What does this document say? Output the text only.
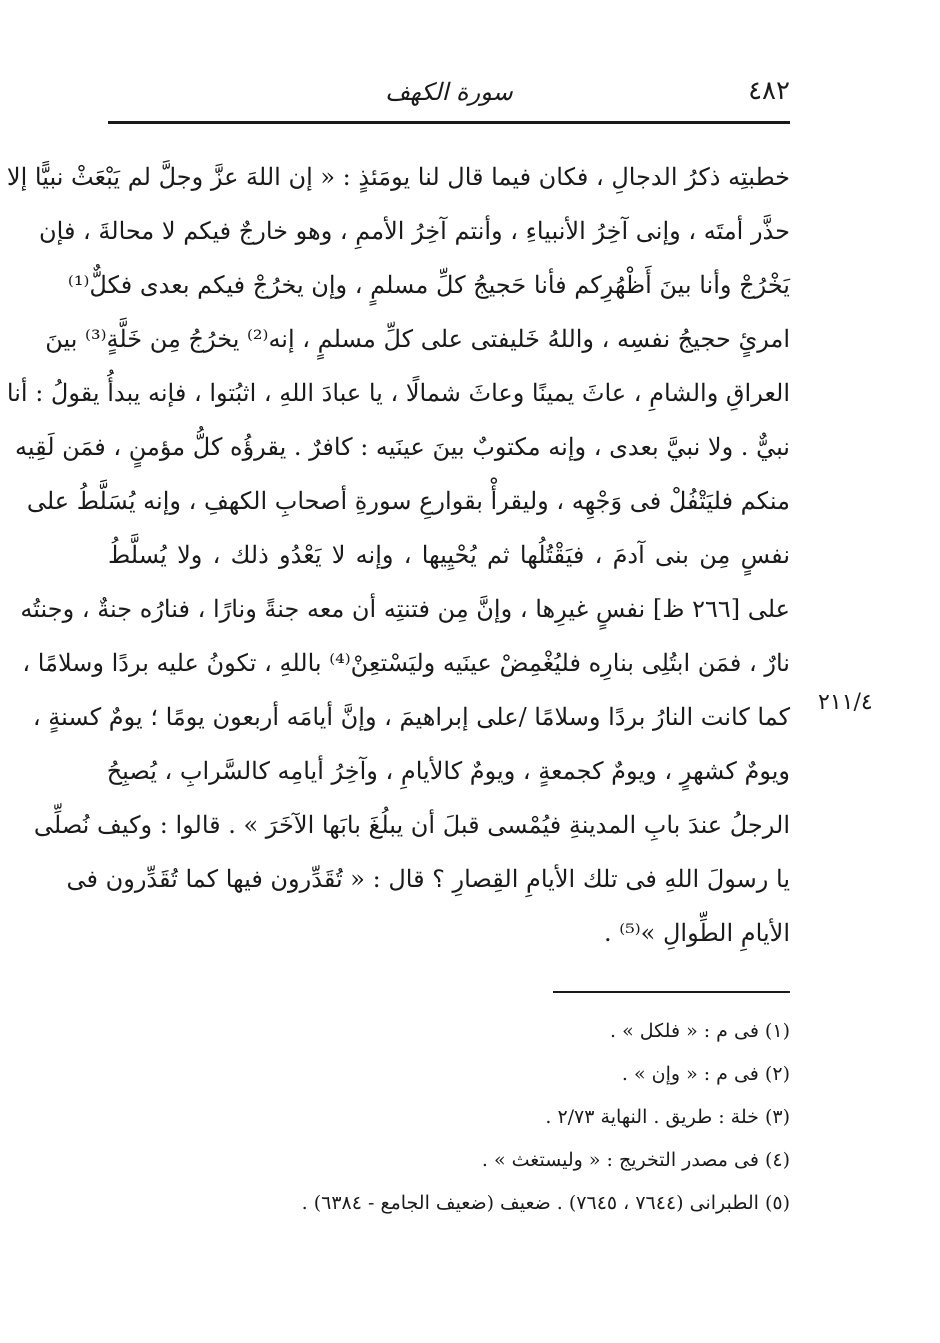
٤٨٢
سورة الكهف
خطبتِه ذكرُ الدجالِ ، فكان فيما قال لنا يومَئذٍ : « إن اللهَ عزَّ وجلَّ لم يَبْعَثْ نبيًّا إلا
حذَّر أمتَه ، وإنى آخِرُ الأنبياءِ ، وأنتم آخِرُ الأممِ ، وهو خارجٌ فيكم لا محالةَ ، فإن
يَخْرُجْ وأنا بينَ أَظْهُرِكم فأنا حَجيجُ كلِّ مسلمٍ ، وإن يخرُجْ فيكم بعدى فكلٌّ⁽¹⁾
امرئٍ حجيجُ نفسِه ، واللهُ خَليفتى على كلِّ مسلمٍ ، إنه⁽²⁾ يخرُجُ مِن خَلَّةٍ⁽³⁾ بينَ
العراقِ والشامِ ، عاثَ يمينًا وعاثَ شمالًا ، يا عبادَ اللهِ ، اثبُتوا ، فإنه يبدأُ يقولُ : أنا
نبيٌّ . ولا نبيَّ بعدى ، وإنه مكتوبٌ بينَ عينَيه : كافرٌ . يقرؤُه كلُّ مؤمنٍ ، فمَن لَقِيه
منكم فليَتْفُلْ فى وَجْهِه ، وليقرأْ بقوارعِ سورةِ أصحابِ الكهفِ ، وإنه يُسَلَّطُ على
نفسٍ مِن بنى آدمَ ، فيَقْتُلُها ثم يُحْيِيها ، وإنه لا يَعْدُو ذلك ، ولا يُسلَّطُ
على [٢٦٦ ظ] نفسٍ غيرِها ، وإنَّ مِن فتنتِه أن معه جنةً ونارًا ، فنارُه جنةٌ ، وجنتُه
نارٌ ، فمَن ابتُلِى بنارِه فليُغْمِضْ عينَيه وليَسْتعِنْ⁽⁴⁾ باللهِ ، تكونُ عليه بردًا وسلامًا ،
كما كانت النارُ بردًا وسلامًا /على إبراهيمَ ، وإنَّ أيامَه أربعون يومًا ؛ يومٌ كسنةٍ ،
ويومٌ كشهرٍ ، ويومٌ كجمعةٍ ، ويومٌ كالأيامِ ، وآخِرُ أيامِه كالسَّرابِ ، يُصبِحُ
الرجلُ عندَ بابِ المدينةِ فيُمْسى قبلَ أن يبلُغَ بابَها الآخَرَ » . قالوا : وكيف نُصلِّى
يا رسولَ اللهِ فى تلك الأيامِ القِصارِ ؟ قال : « تُقَدِّرون فيها كما تُقَدِّرون فى
الأيامِ الطِّوالِ »⁽⁵⁾ .
٢١١/٤
(١) فى م : « فلكل » .
(٢) فى م : « وإن » .
(٣) خلة : طريق . النهاية ٢/٧٣ .
(٤) فى مصدر التخريج : « وليستغث » .
(٥) الطبرانى (٧٦٤٤ ، ٧٦٤٥) . ضعيف (ضعيف الجامع - ٦٣٨٤) .
